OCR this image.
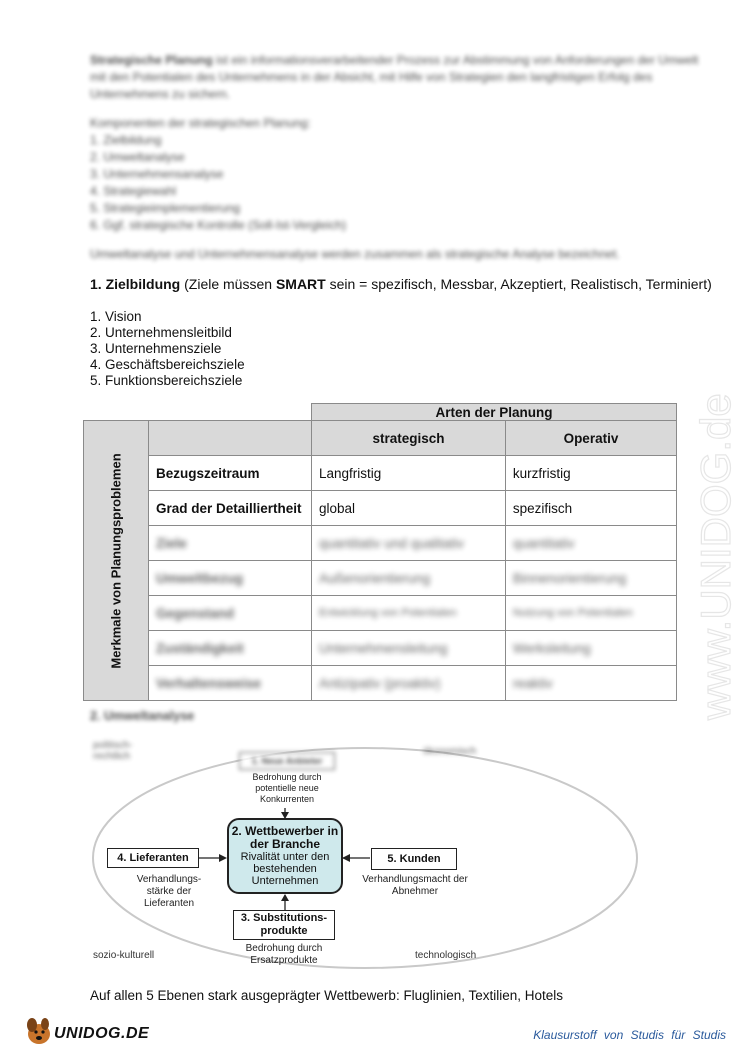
Strategische Planung ist ein informationsverarbeitender Prozess zur Abstimmung von Anforderungen der Umwelt mit den Potentialen des Unternehmens in der Absicht, mit Hilfe von Strategien den langfristigen Erfolg des Unternehmens zu sichern.

Komponenten der strategischen Planung:
1. Zielbildung
2. Umweltanalyse
3. Unternehmensanalyse
4. Strategiewahl
5. Strategieimplementierung
6. Ggf. strategische Kontrolle (Soll-Ist-Vergleich)

Umweltanalyse und Unternehmensanalyse werden zusammen als strategische Analyse bezeichnet.

1. Zielbildung (Ziele müssen SMART sein = spezifisch, Messbar, Akzeptiert, Realistisch, Terminiert)
1. Vision
2. Unternehmensleitbild
3. Unternehmensziele
4. Geschäftsbereichsziele
5. Funktionsbereichsziele
		Arten der Planung	

Merkmale von Planungsproblemen		strategisch	Operativ
	Bezugszeitraum	Langfristig	kurzfristig
	Grad der Detailliertheit	global	spezifisch
	Ziele	quantitativ und qualitativ	quantitativ
	Umweltbezug	Außenorientierung	Binnenorientierung
	Gegenstand	Entwicklung von Potentialen	Nutzung von Potentialen
	Zuständigkeit	Unternehmensleitung	Werksleitung
	Verhaltensweise	Antizipativ (proaktiv)	reaktiv
2. Umweltanalyse
politisch-rechtlich	ökonomisch
sozio-kulturell	technologisch
1. Neue Anbieter
Bedrohung durch potentielle neue Konkurrenten
2. Wettbewerber in der Branche
Rivalität unter den bestehenden Unternehmen
4. Lieferanten
Verhandlungs-stärke der Lieferanten
5. Kunden
Verhandlungsmacht der Abnehmer
3. Substitutions-produkte
Bedrohung durch Ersatzprodukte
Auf allen 5 Ebenen stark ausgeprägter Wettbewerb: Fluglinien, Textilien, Hotels
www.UNIDOG.de
UNIDOG.DE	Klausurstoff von Studis für Studis
